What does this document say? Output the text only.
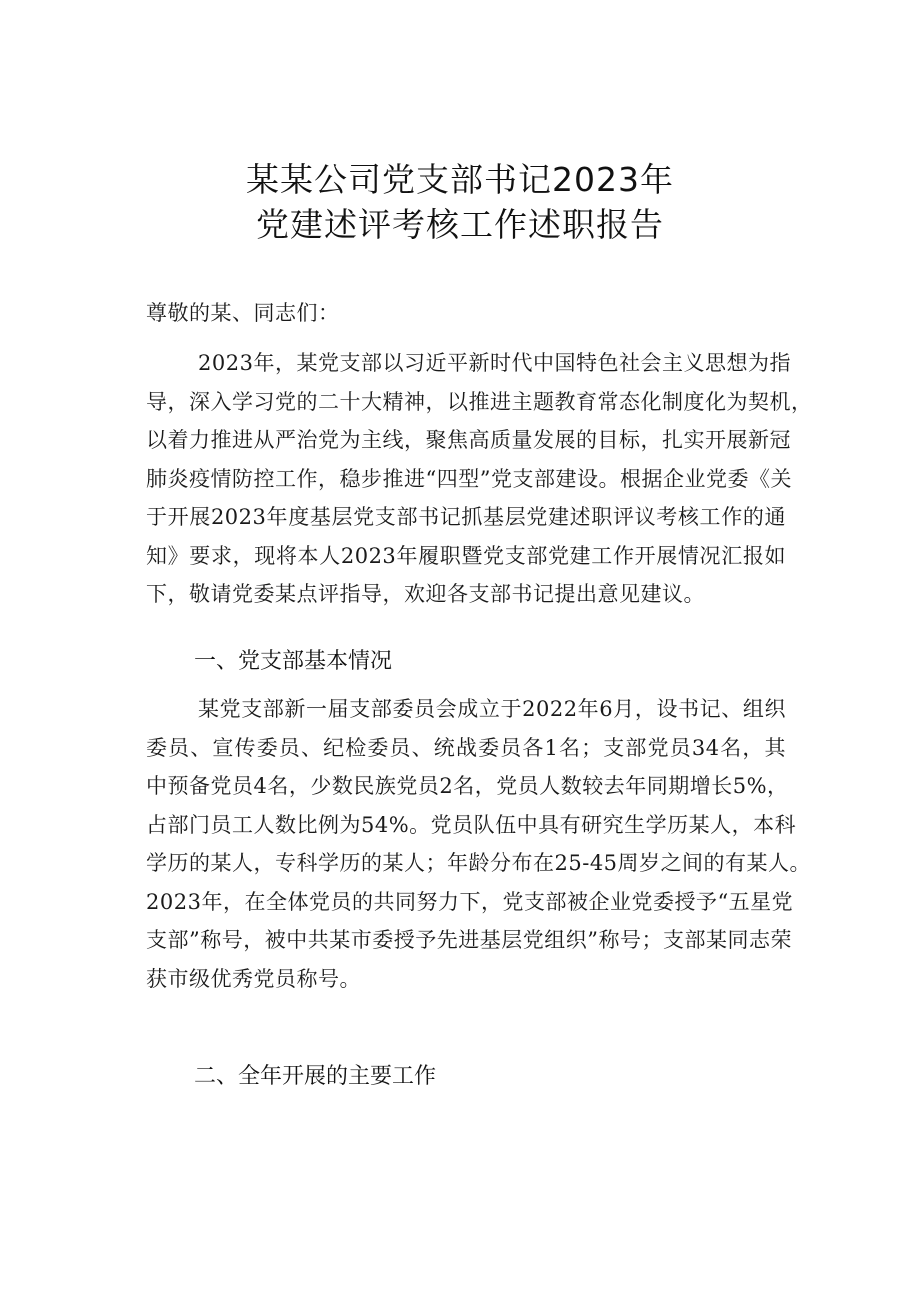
某某公司党支部书记2023年
党建述评考核工作述职报告
尊敬的某、同志们：
2023年，某党支部以习近平新时代中国特色社会主义思想为指
导，深入学习党的二十大精神，以推进主题教育常态化制度化为契机，
以着力推进从严治党为主线，聚焦高质量发展的目标，扎实开展新冠
肺炎疫情防控工作，稳步推进“四型”党支部建设。根据企业党委《关
于开展2023年度基层党支部书记抓基层党建述职评议考核工作的通
知》要求，现将本人2023年履职暨党支部党建工作开展情况汇报如
下，敬请党委某点评指导，欢迎各支部书记提出意见建议。
一、党支部基本情况
某党支部新一届支部委员会成立于2022年6月，设书记、组织
委员、宣传委员、纪检委员、统战委员各1名；支部党员34名，其
中预备党员4名，少数民族党员2名，党员人数较去年同期增长5%，
占部门员工人数比例为54%。党员队伍中具有研究生学历某人，本科
学历的某人，专科学历的某人；年龄分布在25-45周岁之间的有某人。
2023年，在全体党员的共同努力下，党支部被企业党委授予“五星党
支部”称号，被中共某市委授予先进基层党组织”称号；支部某同志荣
获市级优秀党员称号。
二、全年开展的主要工作
